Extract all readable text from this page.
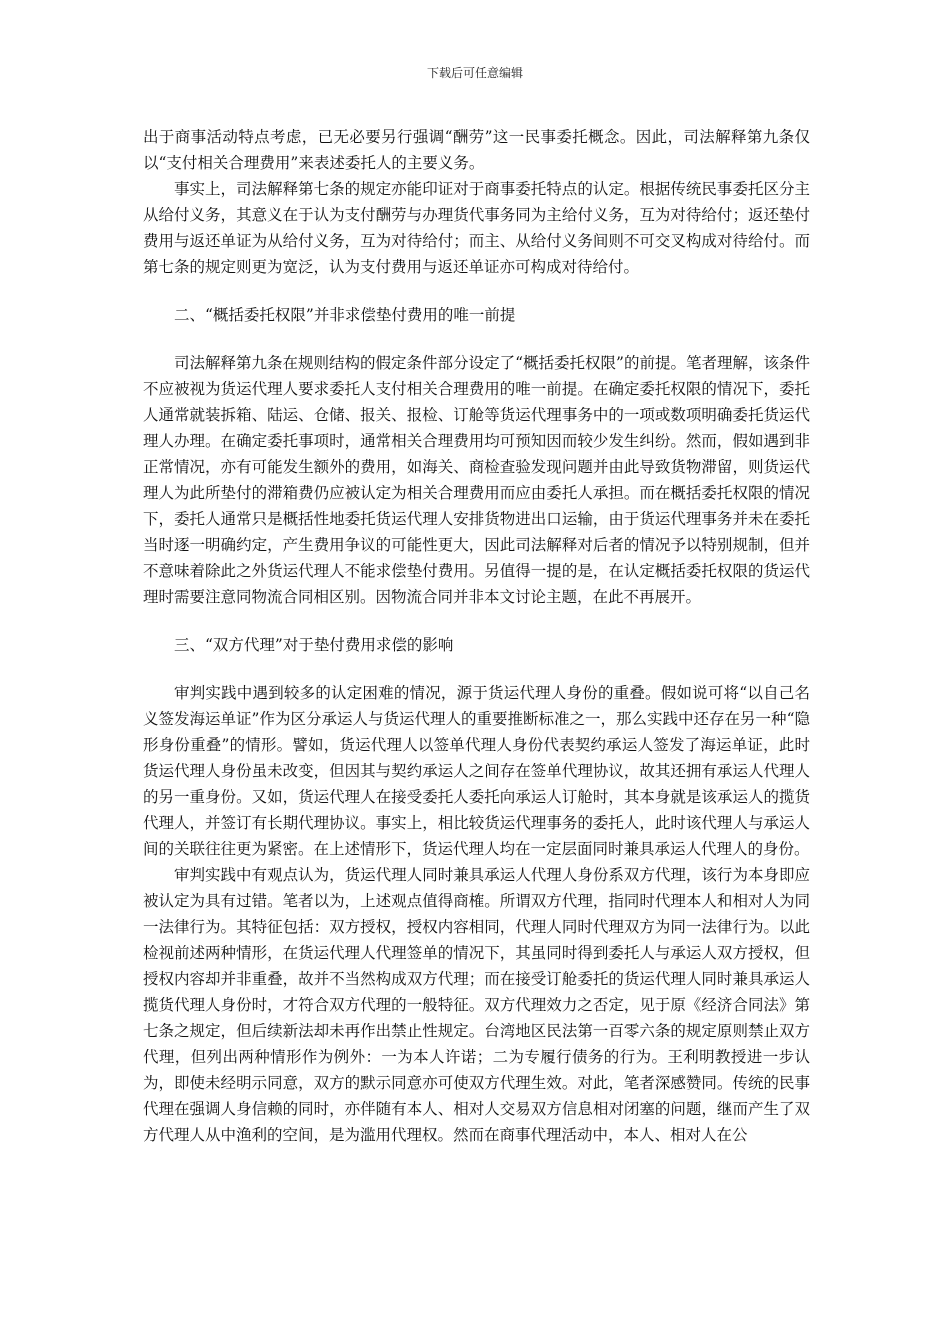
下载后可任意编辑

出于商事活动特点考虑，已无必要另行强调“酬劳”这一民事委托概念。因此，司法解释第九条仅以“支付相关合理费用”来表述委托人的主要义务。

事实上，司法解释第七条的规定亦能印证对于商事委托特点的认定。根据传统民事委托区分主从给付义务，其意义在于认为支付酬劳与办理货代事务同为主给付义务，互为对待给付；返还垫付费用与返还单证为从给付义务，互为对待给付；而主、从给付义务间则不可交叉构成对待给付。而第七条的规定则更为宽泛，认为支付费用与返还单证亦可构成对待给付。

二、“概括委托权限”并非求偿垫付费用的唯一前提

司法解释第九条在规则结构的假定条件部分设定了“概括委托权限”的前提。笔者理解，该条件不应被视为货运代理人要求委托人支付相关合理费用的唯一前提。在确定委托权限的情况下，委托人通常就装拆箱、陆运、仓储、报关、报检、订舱等货运代理事务中的一项或数项明确委托货运代理人办理。在确定委托事项时，通常相关合理费用均可预知因而较少发生纠纷。然而，假如遇到非正常情况，亦有可能发生额外的费用，如海关、商检查验发现问题并由此导致货物滞留，则货运代理人为此所垫付的滞箱费仍应被认定为相关合理费用而应由委托人承担。而在概括委托权限的情况下，委托人通常只是概括性地委托货运代理人安排货物进出口运输，由于货运代理事务并未在委托当时逐一明确约定，产生费用争议的可能性更大，因此司法解释对后者的情况予以特别规制，但并不意味着除此之外货运代理人不能求偿垫付费用。另值得一提的是，在认定概括委托权限的货运代理时需要注意同物流合同相区别。因物流合同并非本文讨论主题，在此不再展开。

三、“双方代理”对于垫付费用求偿的影响

审判实践中遇到较多的认定困难的情况，源于货运代理人身份的重叠。假如说可将“以自己名义签发海运单证”作为区分承运人与货运代理人的重要推断标准之一，那么实践中还存在另一种“隐形身份重叠”的情形。譬如，货运代理人以签单代理人身份代表契约承运人签发了海运单证，此时货运代理人身份虽未改变，但因其与契约承运人之间存在签单代理协议，故其还拥有承运人代理人的另一重身份。又如，货运代理人在接受委托人委托向承运人订舱时，其本身就是该承运人的揽货代理人，并签订有长期代理协议。事实上，相比较货运代理事务的委托人，此时该代理人与承运人间的关联往往更为紧密。在上述情形下，货运代理人均在一定层面同时兼具承运人代理人的身份。

审判实践中有观点认为，货运代理人同时兼具承运人代理人身份系双方代理，该行为本身即应被认定为具有过错。笔者以为，上述观点值得商榷。所谓双方代理，指同时代理本人和相对人为同一法律行为。其特征包括：双方授权，授权内容相同，代理人同时代理双方为同一法律行为。以此检视前述两种情形，在货运代理人代理签单的情况下，其虽同时得到委托人与承运人双方授权，但授权内容却并非重叠，故并不当然构成双方代理；而在接受订舱委托的货运代理人同时兼具承运人揽货代理人身份时，才符合双方代理的一般特征。双方代理效力之否定，见于原《经济合同法》第七条之规定，但后续新法却未再作出禁止性规定。台湾地区民法第一百零六条的规定原则禁止双方代理，但列出两种情形作为例外：一为本人许诺；二为专履行债务的行为。王利明教授进一步认为，即使未经明示同意，双方的默示同意亦可使双方代理生效。对此，笔者深感赞同。传统的民事代理在强调人身信赖的同时，亦伴随有本人、相对人交易双方信息相对闭塞的问题，继而产生了双方代理人从中渔利的空间，是为滥用代理权。然而在商事代理活动中，本人、相对人在公
